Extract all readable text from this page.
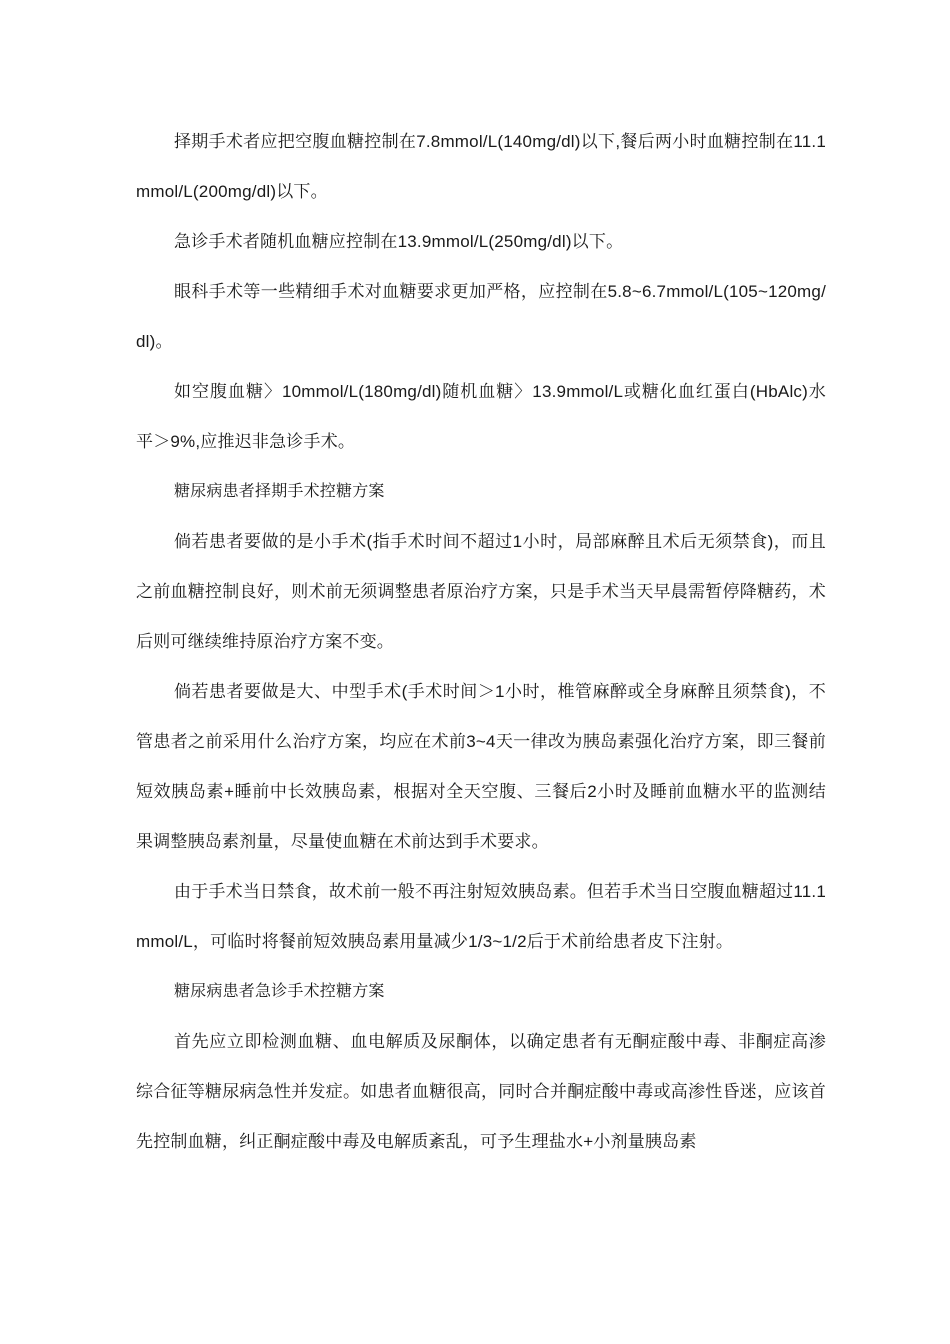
择期手术者应把空腹血糖控制在7.8mmol/L(140mg/dl)以下,餐后两小时血糖控制在11.1mmol/L(200mg/dl)以下。

急诊手术者随机血糖应控制在13.9mmol/L(250mg/dl)以下。

眼科手术等一些精细手术对血糖要求更加严格，应控制在5.8~6.7mmol/L(105~120mg/dl)。

如空腹血糖〉10mmol/L(180mg/dl)随机血糖〉13.9mmol/L或糖化血红蛋白(HbAlc)水平＞9%,应推迟非急诊手术。

糖尿病患者择期手术控糖方案

倘若患者要做的是小手术(指手术时间不超过1小时，局部麻醉且术后无须禁食)，而且之前血糖控制良好，则术前无须调整患者原治疗方案，只是手术当天早晨需暂停降糖药，术后则可继续维持原治疗方案不变。

倘若患者要做是大、中型手术(手术时间＞1小时，椎管麻醉或全身麻醉且须禁食)，不管患者之前采用什么治疗方案，均应在术前3~4天一律改为胰岛素强化治疗方案，即三餐前短效胰岛素+睡前中长效胰岛素，根据对全天空腹、三餐后2小时及睡前血糖水平的监测结果调整胰岛素剂量，尽量使血糖在术前达到手术要求。

由于手术当日禁食，故术前一般不再注射短效胰岛素。但若手术当日空腹血糖超过11.1mmol/L，可临时将餐前短效胰岛素用量减少1/3~1/2后于术前给患者皮下注射。

糖尿病患者急诊手术控糖方案

首先应立即检测血糖、血电解质及尿酮体，以确定患者有无酮症酸中毒、非酮症高渗综合征等糖尿病急性并发症。如患者血糖很高，同时合并酮症酸中毒或高渗性昏迷，应该首先控制血糖，纠正酮症酸中毒及电解质紊乱，可予生理盐水+小剂量胰岛素
